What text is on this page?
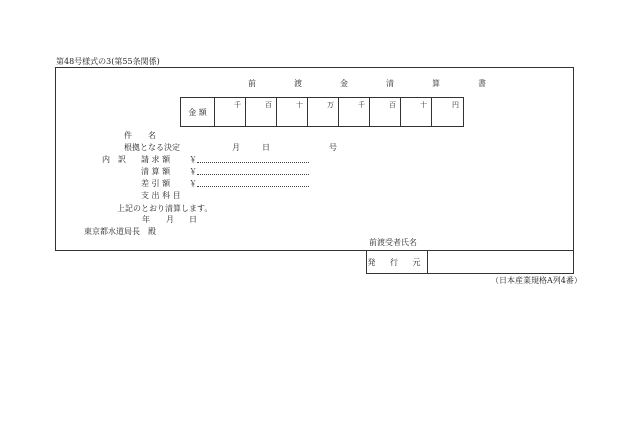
第48号様式の3(第55条関係)
前　渡　金　清　算　書
金 額
千	百	十	万	千	百	十	円
件　　名
根拠となる決定	月	日	号
内　訳 請 求 額 ￥
清 算 額 ￥
差 引 額 ￥
支 出 科 目
上記のとおり清算します。
年 月 日
東京都水道局長　殿
前渡受者氏名
発 行 元
（日本産業規格A列4番）
